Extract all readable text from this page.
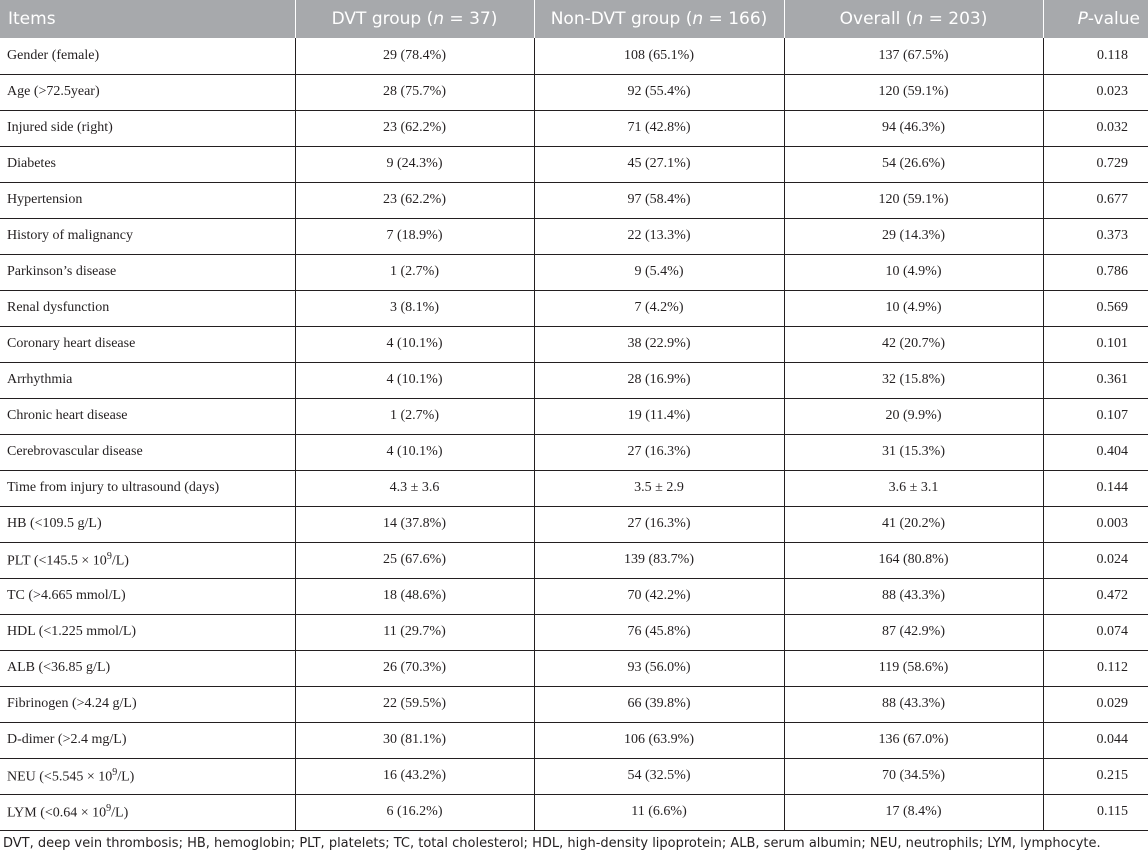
Items	DVT group (n = 37)	Non-DVT group (n = 166)	Overall (n = 203)	P-value
Gender (female)	29 (78.4%)	108 (65.1%)	137 (67.5%)	0.118
Age (>72.5year)	28 (75.7%)	92 (55.4%)	120 (59.1%)	0.023
Injured side (right)	23 (62.2%)	71 (42.8%)	94 (46.3%)	0.032
Diabetes	9 (24.3%)	45 (27.1%)	54 (26.6%)	0.729
Hypertension	23 (62.2%)	97 (58.4%)	120 (59.1%)	0.677
History of malignancy	7 (18.9%)	22 (13.3%)	29 (14.3%)	0.373
Parkinson’s disease	1 (2.7%)	9 (5.4%)	10 (4.9%)	0.786
Renal dysfunction	3 (8.1%)	7 (4.2%)	10 (4.9%)	0.569
Coronary heart disease	4 (10.1%)	38 (22.9%)	42 (20.7%)	0.101
Arrhythmia	4 (10.1%)	28 (16.9%)	32 (15.8%)	0.361
Chronic heart disease	1 (2.7%)	19 (11.4%)	20 (9.9%)	0.107
Cerebrovascular disease	4 (10.1%)	27 (16.3%)	31 (15.3%)	0.404
Time from injury to ultrasound (days)	4.3 ± 3.6	3.5 ± 2.9	3.6 ± 3.1	0.144
HB (<109.5 g/L)	14 (37.8%)	27 (16.3%)	41 (20.2%)	0.003
PLT $(<145.5 \times 10^9/L)$	25 (67.6%)	139 (83.7%)	164 (80.8%)	0.024
TC (>4.665 mmol/L)	18 (48.6%)	70 (42.2%)	88 (43.3%)	0.472
HDL (<1.225 mmol/L)	11 (29.7%)	76 (45.8%)	87 (42.9%)	0.074
ALB (<36.85 g/L)	26 (70.3%)	93 (56.0%)	119 (58.6%)	0.112
Fibrinogen (>4.24 g/L)	22 (59.5%)	66 (39.8%)	88 (43.3%)	0.029
D-dimer (>2.4 mg/L)	30 (81.1%)	106 (63.9%)	136 (67.0%)	0.044
NEU $(<5.545 \times 10^9/L)$	16 (43.2%)	54 (32.5%)	70 (34.5%)	0.215
LYM $(<0.64 \times 10^9/L)$	6 (16.2%)	11 (6.6%)	17 (8.4%)	0.115
DVT, deep vein thrombosis; HB, hemoglobin; PLT, platelets; TC, total cholesterol; HDL, high-density lipoprotein; ALB, serum albumin; NEU, neutrophils; LYM, lymphocyte.
